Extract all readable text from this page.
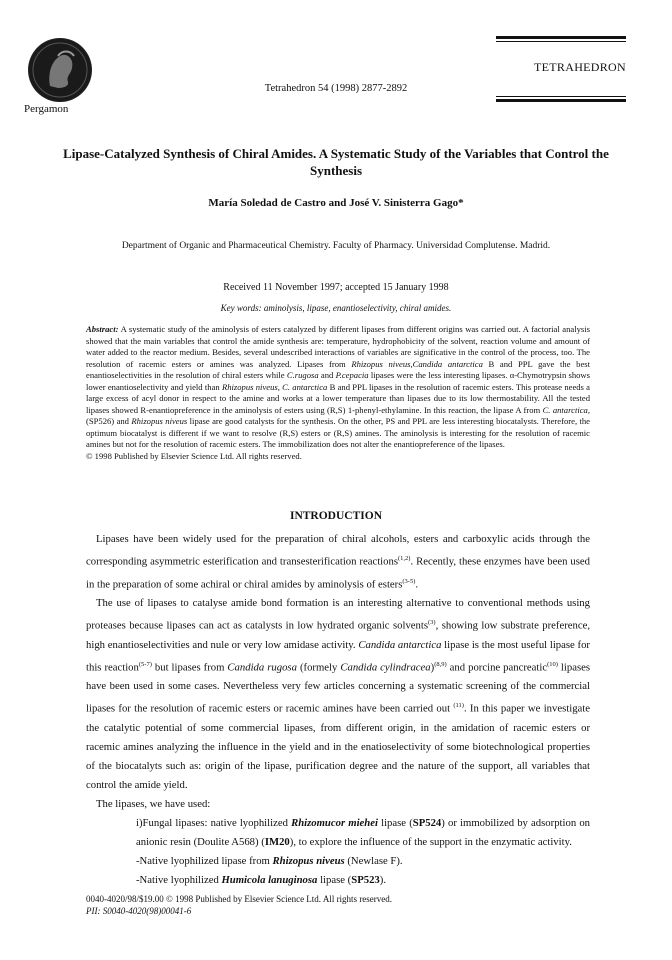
Pergamon
Tetrahedron 54 (1998) 2877-2892
TETRAHEDRON
Lipase-Catalyzed Synthesis of Chiral Amides. A Systematic Study of the Variables that Control the Synthesis
María Soledad de Castro and José V. Sinisterra Gago*
Department of Organic and Pharmaceutical Chemistry. Faculty of Pharmacy. Universidad Complutense. Madrid.
Received 11 November 1997; accepted 15 January 1998
Key words: aminolysis, lipase, enantioselectivity, chiral amides.
Abstract: A systematic study of the aminolysis of esters catalyzed by different lipases from different origins was carried out. A factorial analysis showed that the main variables that control the amide synthesis are: temperature, hydrophobicity of the solvent, reaction volume and amount of water added to the reactor medium. Besides, several undescribed interactions of variables are significative in the control of the process, too. The resolution of racemic esters or amines was analyzed. Lipases from Rhizopus niveus,Candida antarctica B and PPL gave the best enantioselectivities in the resolution of chiral esters while C.rugosa and P.cepacia lipases were the less interesting lipases. α-Chymotrypsin shows lower enantioselectivity and yield than Rhizopus niveus, C. antarctica B and PPL lipases in the resolution of racemic esters. This protease needs a large excess of acyl donor in respect to the amine and works at a lower temperature than lipases due to its low thermostability. All the tested lipases showed R-enantiopreference in the aminolysis of esters using (R,S) 1-phenyl-ethylamine. In this reaction, the lipase A from C. antarctica, (SP526) and Rhizopus niveus lipase are good catalysts for the synthesis. On the other, PS and PPL are less interesting biocatalysts. Therefore, the optimum biocatalyst is different if we want to resolve (R,S) esters or (R,S) amines. The aminolysis is interesting for the resolution of racemic amines but not for the resolution of racemic esters. The immobilization does not alter the enantiopreference of the lipases.
© 1998 Published by Elsevier Science Ltd. All rights reserved.
INTRODUCTION

Lipases have been widely used for the preparation of chiral alcohols, esters and carboxylic acids through the corresponding asymmetric esterification and transesterification reactions$^{(1,2)}$. Recently, these enzymes have been used in the preparation of some achiral or chiral amides by aminolysis of esters$^{(3-5)}$.

The use of lipases to catalyse amide bond formation is an interesting alternative to conventional methods using proteases because lipases can act as catalysts in low hydrated organic solvents$^{(3)}$, showing low substrate preference, high enantioselectivities and nule or very low amidase activity. Candida antarctica lipase is the most useful lipase for this reaction$^{(5-7)}$ but lipases from Candida rugosa (formely Candida cylindracea)$^{(8,9)}$ and porcine pancreatic$^{(10)}$ lipases have been used in some cases. Nevertheless very few articles concerning a systematic screening of the commercial lipases for the resolution of racemic esters or racemic amines have been carried out $^{(11)}$. In this paper we investigate the catalytic potential of some commercial lipases, from different origin, in the amidation of racemic esters or racemic amines analyzing the influence in the yield and in the enatioselectivity of some biotechnological properties of the biocatalyts such as: origin of the lipase, purification degree and the nature of the support, all variables that control the amide yield.

The lipases, we have used:

i)Fungal lipases: native lyophilized Rhizomucor miehei lipase (SP524) or immobilized by adsorption on anionic resin (Doulite A568) (IM20), to explore the influence of the support in the enzymatic activity.

-Native lyophilized lipase from Rhizopus niveus (Newlase F).

-Native lyophilized Humicola lanuginosa lipase (SP523).

0040-4020/98/$19.00 © 1998 Published by Elsevier Science Ltd. All rights reserved.
PII: S0040-4020(98)00041-6
